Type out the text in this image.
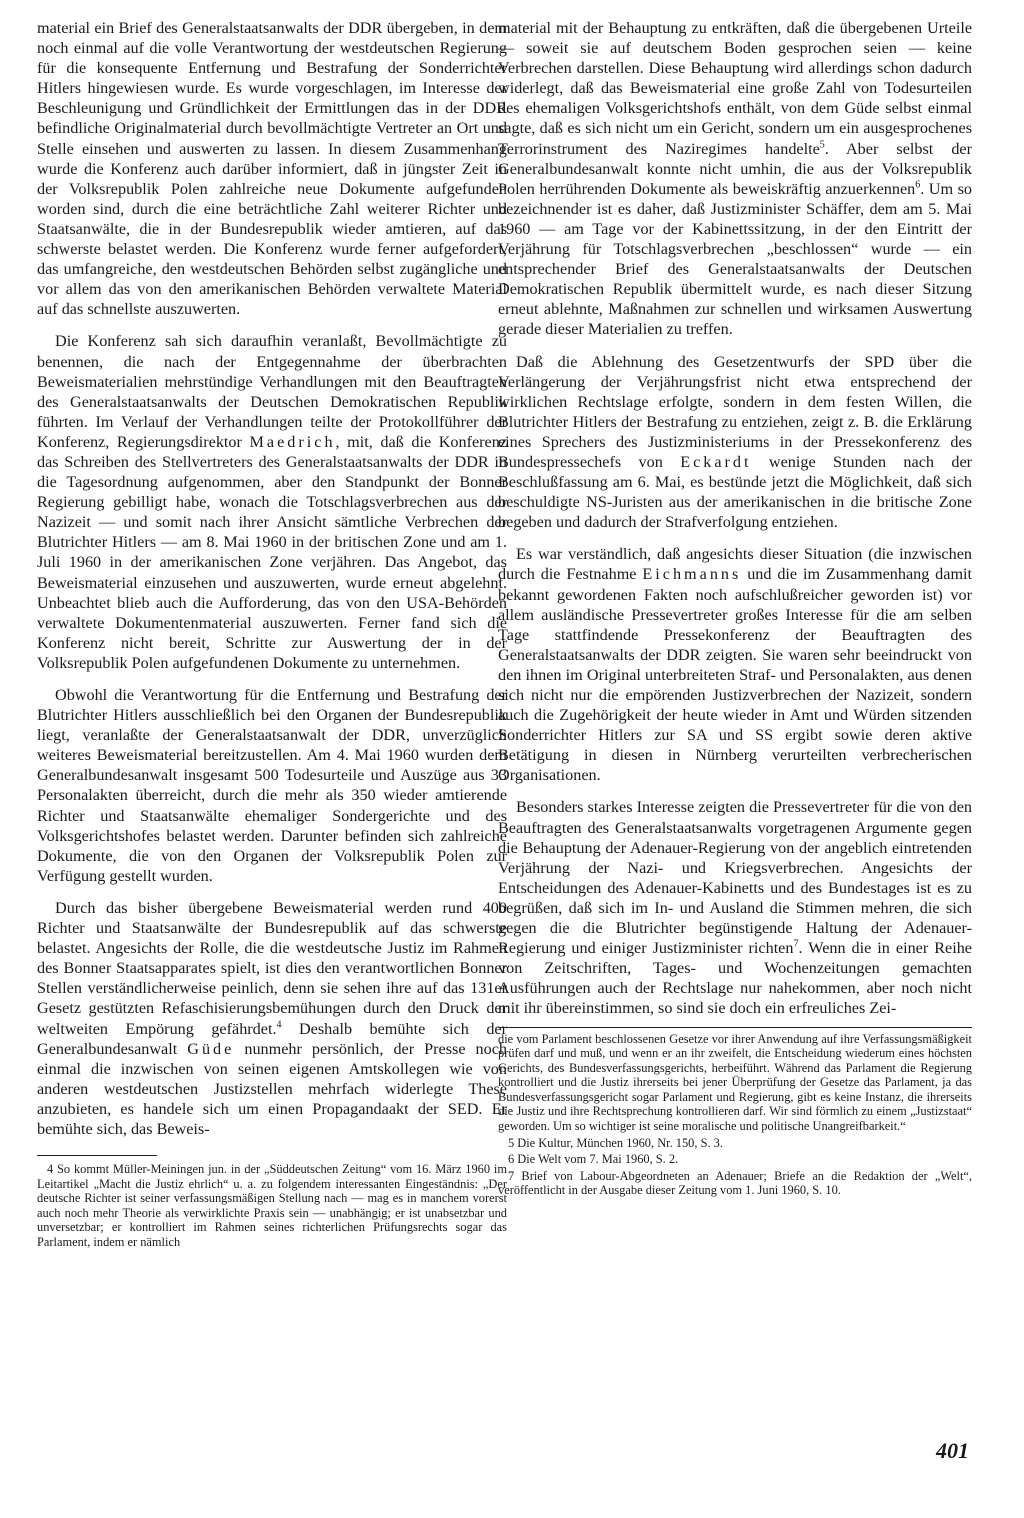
material ein Brief des Generalstaatsanwalts der DDR übergeben, in dem noch einmal auf die volle Verantwortung der westdeutschen Regierung für die konsequente Entfernung und Bestrafung der Sonderrichter Hitlers hingewiesen wurde. Es wurde vorgeschlagen, im Interesse der Beschleunigung und Gründlichkeit der Ermittlungen das in der DDR befindliche Originalmaterial durch bevollmächtigte Vertreter an Ort und Stelle einsehen und auswerten zu lassen. In diesem Zusammenhang wurde die Konferenz auch darüber informiert, daß in jüngster Zeit in der Volksrepublik Polen zahlreiche neue Dokumente aufgefunden worden sind, durch die eine beträchtliche Zahl weiterer Richter und Staatsanwälte, die in der Bundesrepublik wieder amtieren, auf das schwerste belastet werden. Die Konferenz wurde ferner aufgefordert, das umfangreiche, den westdeutschen Behörden selbst zugängliche und vor allem das von den amerikanischen Behörden verwaltete Material auf das schnellste auszuwerten.

Die Konferenz sah sich daraufhin veranlaßt, Bevollmächtigte zu benennen, die nach der Entgegennahme der überbrachten Beweismaterialien mehrstündige Verhandlungen mit den Beauftragten des Generalstaatsanwalts der Deutschen Demokratischen Republik führten. Im Verlauf der Verhandlungen teilte der Protokollführer der Konferenz, Regierungsdirektor Maedrich, mit, daß die Konferenz das Schreiben des Stellvertreters des Generalstaatsanwalts der DDR in die Tagesordnung aufgenommen, aber den Standpunkt der Bonner Regierung gebilligt habe, wonach die Totschlagsverbrechen aus der Nazizeit — und somit nach ihrer Ansicht sämtliche Verbrechen der Blutrichter Hitlers — am 8. Mai 1960 in der britischen Zone und am 1. Juli 1960 in der amerikanischen Zone verjähren. Das Angebot, das Beweismaterial einzusehen und auszuwerten, wurde erneut abgelehnt. Unbeachtet blieb auch die Aufforderung, das von den USA-Behörden verwaltete Dokumentenmaterial auszuwerten. Ferner fand sich die Konferenz nicht bereit, Schritte zur Auswertung der in der Volksrepublik Polen aufgefundenen Dokumente zu unternehmen.

Obwohl die Verantwortung für die Entfernung und Bestrafung der Blutrichter Hitlers ausschließlich bei den Organen der Bundesrepublik liegt, veranlaßte der Generalstaatsanwalt der DDR, unverzüglich weiteres Beweismaterial bereitzustellen. Am 4. Mai 1960 wurden dem Generalbundesanwalt insgesamt 500 Todesurteile und Auszüge aus 33 Personalakten überreicht, durch die mehr als 350 wieder amtierende Richter und Staatsanwälte ehemaliger Sondergerichte und des Volksgerichtshofes belastet werden. Darunter befinden sich zahlreiche Dokumente, die von den Organen der Volksrepublik Polen zur Verfügung gestellt wurden.

Durch das bisher übergebene Beweismaterial werden rund 400 Richter und Staatsanwälte der Bundesrepublik auf das schwerste belastet. Angesichts der Rolle, die die westdeutsche Justiz im Rahmen des Bonner Staatsapparates spielt, ist dies den verantwortlichen Bonner Stellen verständlicherweise peinlich, denn sie sehen ihre auf das 131er Gesetz gestützten Refaschisierungsbemühungen durch den Druck der weltweiten Empörung gefährdet.$^4$ Deshalb bemühte sich der Generalbundesanwalt Güde nunmehr persönlich, der Presse noch einmal die inzwischen von seinen eigenen Amtskollegen wie von anderen westdeutschen Justizstellen mehrfach widerlegte These anzubieten, es handele sich um einen Propagandaakt der SED. Er bemühte sich, das Beweis-

4 So kommt Müller-Meiningen jun. in der „Süddeutschen Zeitung“ vom 16. März 1960 im Leitartikel „Macht die Justiz ehrlich“ u. a. zu folgendem interessanten Eingeständnis: „Der deutsche Richter ist seiner verfassungsmäßigen Stellung nach — mag es in manchem vorerst auch noch mehr Theorie als verwirklichte Praxis sein — unabhängig; er ist unabsetzbar und unversetzbar; er kontrolliert im Rahmen seines richterlichen Prüfungsrechts sogar das Parlament, indem er nämlich

material mit der Behauptung zu entkräften, daß die übergebenen Urteile — soweit sie auf deutschem Boden gesprochen seien — keine Verbrechen darstellen. Diese Behauptung wird allerdings schon dadurch widerlegt, daß das Beweismaterial eine große Zahl von Todesurteilen des ehemaligen Volksgerichtshofs enthält, von dem Güde selbst einmal sagte, daß es sich nicht um ein Gericht, sondern um ein ausgesprochenes Terrorinstrument des Naziregimes handelte$^5$. Aber selbst der Generalbundesanwalt konnte nicht umhin, die aus der Volksrepublik Polen herrührenden Dokumente als beweiskräftig anzuerkennen$^6$. Um so bezeichnender ist es daher, daß Justizminister Schäffer, dem am 5. Mai 1960 — am Tage vor der Kabinettssitzung, in der den Eintritt der Verjährung für Totschlagsverbrechen „beschlossen“ wurde — ein entsprechender Brief des Generalstaatsanwalts der Deutschen Demokratischen Republik übermittelt wurde, es nach dieser Sitzung erneut ablehnte, Maßnahmen zur schnellen und wirksamen Auswertung gerade dieser Materialien zu treffen.

Daß die Ablehnung des Gesetzentwurfs der SPD über die Verlängerung der Verjährungsfrist nicht etwa entsprechend der wirklichen Rechtslage erfolgte, sondern in dem festen Willen, die Blutrichter Hitlers der Bestrafung zu entziehen, zeigt z. B. die Erklärung eines Sprechers des Justizministeriums in der Pressekonferenz des Bundespressechefs von Eckardt wenige Stunden nach der Beschlußfassung am 6. Mai, es bestünde jetzt die Möglichkeit, daß sich beschuldigte NS-Juristen aus der amerikanischen in die britische Zone begeben und dadurch der Strafverfolgung entziehen.

Es war verständlich, daß angesichts dieser Situation (die inzwischen durch die Festnahme Eichmanns und die im Zusammenhang damit bekannt gewordenen Fakten noch aufschlußreicher geworden ist) vor allem ausländische Pressevertreter großes Interesse für die am selben Tage stattfindende Pressekonferenz der Beauftragten des Generalstaatsanwalts der DDR zeigten. Sie waren sehr beeindruckt von den ihnen im Original unterbreiteten Straf- und Personalakten, aus denen sich nicht nur die empörenden Justizverbrechen der Nazizeit, sondern auch die Zugehörigkeit der heute wieder in Amt und Würden sitzenden Sonderrichter Hitlers zur SA und SS ergibt sowie deren aktive Betätigung in diesen in Nürnberg verurteilten verbrecherischen Organisationen.

Besonders starkes Interesse zeigten die Pressevertreter für die von den Beauftragten des Generalstaatsanwalts vorgetragenen Argumente gegen die Behauptung der Adenauer-Regierung von der angeblich eintretenden Verjährung der Nazi- und Kriegsverbrechen. Angesichts der Entscheidungen des Adenauer-Kabinetts und des Bundestages ist es zu begrüßen, daß sich im In- und Ausland die Stimmen mehren, die sich gegen die die Blutrichter begünstigende Haltung der Adenauer-Regierung und einiger Justizminister richten$^7$. Wenn die in einer Reihe von Zeitschriften, Tages- und Wochenzeitungen gemachten Ausführungen auch der Rechtslage nur nahekommen, aber noch nicht mit ihr übereinstimmen, so sind sie doch ein erfreuliches Zei-

die vom Parlament beschlossenen Gesetze vor ihrer Anwendung auf ihre Verfassungsmäßigkeit prüfen darf und muß, und wenn er an ihr zweifelt, die Entscheidung wiederum eines höchsten Gerichts, des Bundesverfassungsgerichts, herbeiführt. Während das Parlament die Regierung kontrolliert und die Justiz ihrerseits bei jener Überprüfung der Gesetze das Parlament, ja das Bundesverfassungsgericht sogar Parlament und Regierung, gibt es keine Instanz, die ihrerseits die Justiz und ihre Rechtsprechung kontrollieren darf. Wir sind förmlich zu einem „Justizstaat“ geworden. Um so wichtiger ist seine moralische und politische Unangreifbarkeit.“

5 Die Kultur, München 1960, Nr. 150, S. 3.

6 Die Welt vom 7. Mai 1960, S. 2.

7 Brief von Labour-Abgeordneten an Adenauer; Briefe an die Redaktion der „Welt“, veröffentlicht in der Ausgabe dieser Zeitung vom 1. Juni 1960, S. 10.

401
